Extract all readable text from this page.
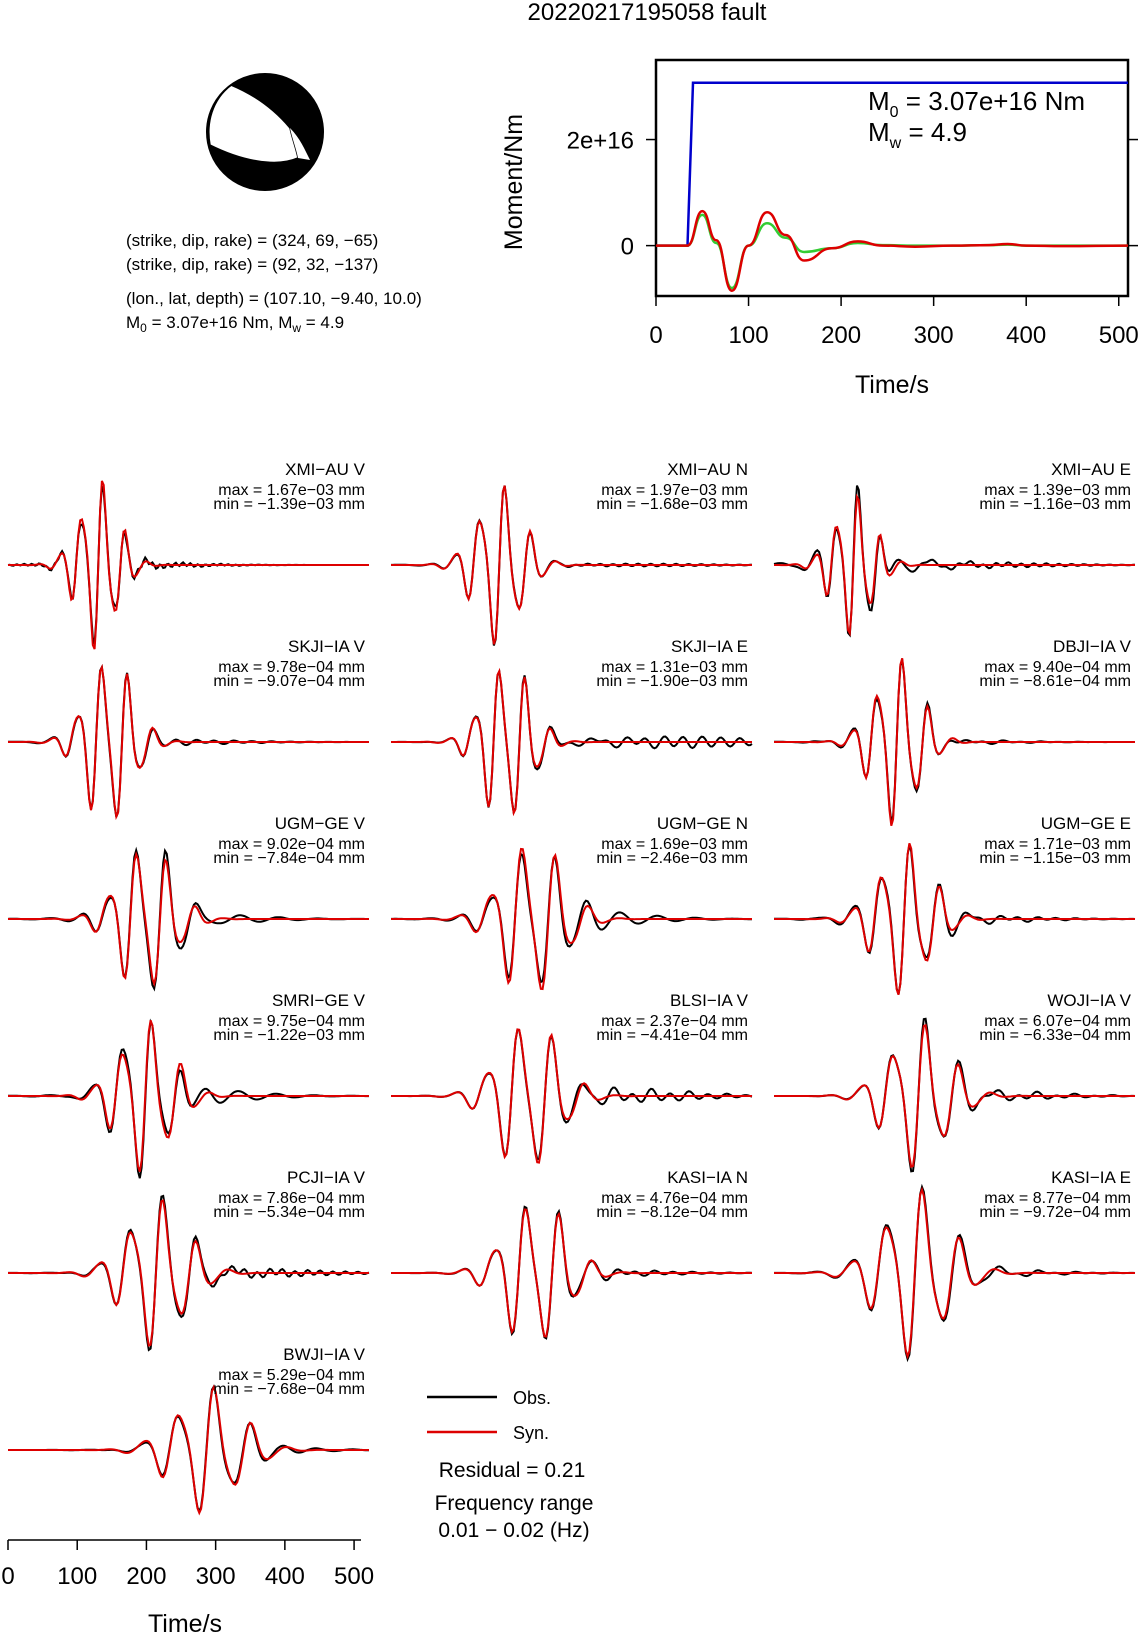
20220217195058 fault
(strike, dip, rake) = (324, 69, −65)
(strike, dip, rake) = (92, 32, −137)
(lon., lat, depth) = (107.10, −9.40, 10.0)
$M_0 = 3.07e+16$ Nm, $M_w = 4.9$	0	100 200 300 400 500
0
2e+16
$M_0 = 3.07e+16$ Nm
$M_w = 4.9$
Moment/Nm
Time/s
XMI−AU V
max = 1.67e−03 mm
min = −1.39e−03 mm
XMI−AU N
max = 1.97e−03 mm
min = −1.68e−03 mm
XMI−AU E
max = 1.39e−03 mm
min = −1.16e−03 mm
SKJI−IA V
max = 9.78e−04 mm
min = −9.07e−04 mm
SKJI−IA E
max = 1.31e−03 mm
min = −1.90e−03 mm
DBJI−IA V
max = 9.40e−04 mm
min = −8.61e−04 mm
UGM−GE V
max = 9.02e−04 mm
min = −7.84e−04 mm
UGM−GE N
max = 1.69e−03 mm
min = −2.46e−03 mm
UGM−GE E
max = 1.71e−03 mm
min = −1.15e−03 mm
SMRI−GE V
max = 9.75e−04 mm
min = −1.22e−03 mm
BLSI−IA V
max = 2.37e−04 mm
min = −4.41e−04 mm
WOJI−IA V
max = 6.07e−04 mm
min = −6.33e−04 mm
PCJI−IA V
max = 7.86e−04 mm
min = −5.34e−04 mm
KASI−IA N
max = 4.76e−04 mm
min = −8.12e−04 mm
KASI−IA E
max = 8.77e−04 mm
min = −9.72e−04 mm
BWJI−IA V
max = 5.29e−04 mm
min = −7.68e−04 mm
0 100 200 300 400 500
Time/s
Obs.
Syn.
Residual = 0.21
Frequency range
0.01 − 0.02 (Hz)
